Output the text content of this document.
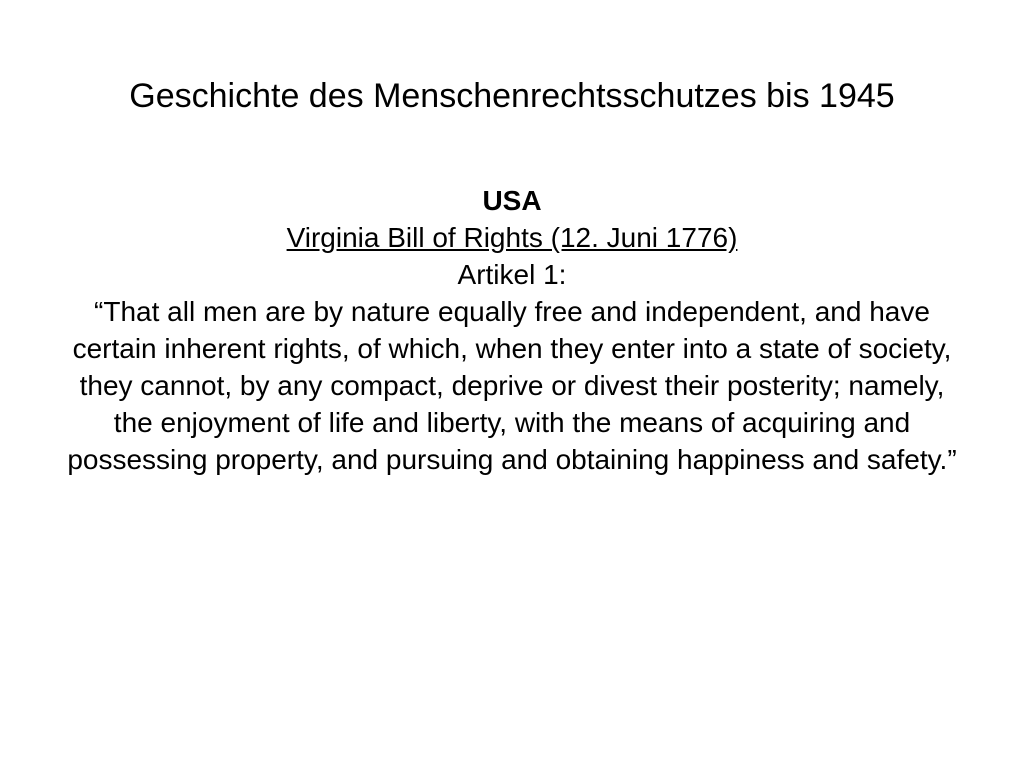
Geschichte des Menschenrechtsschutzes bis 1945
USA
Virginia Bill of Rights (12. Juni 1776)
Artikel 1:

“That all men are by nature equally free and independent, and have certain inherent rights, of which, when they enter into a state of society, they cannot, by any compact, deprive or divest their posterity; namely, the enjoyment of life and liberty, with the means of acquiring and possessing property, and pursuing and obtaining happiness and safety.”
